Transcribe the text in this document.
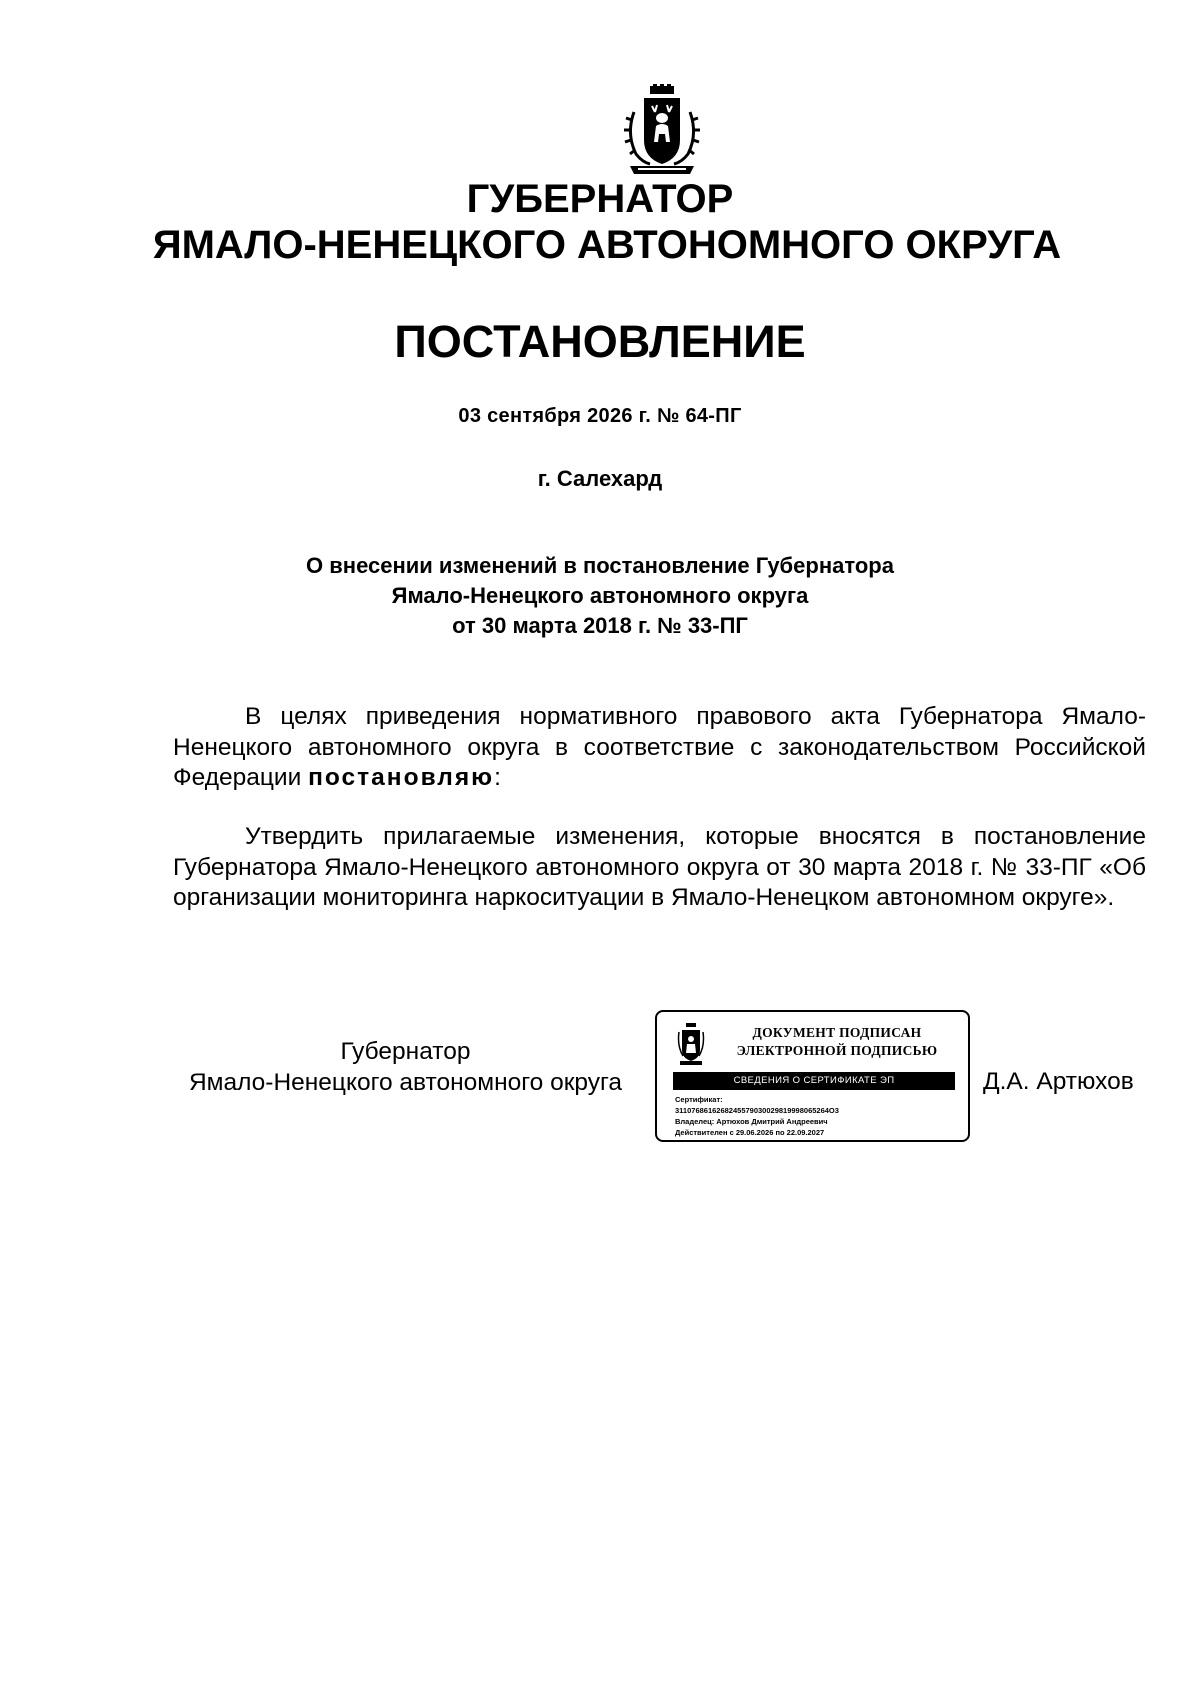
ГУБЕРНАТОР
ЯМАЛО-НЕНЕЦКОГО АВТОНОМНОГО ОКРУГА
ПОСТАНОВЛЕНИЕ
03 сентября 2026 г. № 64-ПГ
г. Салехард
О внесении изменений в постановление Губернатора
Ямало-Ненецкого автономного округа
от 30 марта 2018 г. № 33-ПГ
В целях приведения нормативного правового акта Губернатора Ямало-Ненецкого автономного округа в соответствие с законодательством Российской Федерации постановляю:
Утвердить прилагаемые изменения, которые вносятся в постановление Губернатора Ямало-Ненецкого автономного округа от 30 марта 2018 г. № 33-ПГ «Об организации мониторинга наркоситуации в Ямало-Ненецком автономном округе».
Губернатор
Ямало-Ненецкого автономного округа
ДОКУМЕНТ ПОДПИСАН
ЭЛЕКТРОННОЙ ПОДПИСЬЮ
СВЕДЕНИЯ О СЕРТИФИКАТЕ ЭП
Сертификат:
3110768616268245579030029819998065264О3
Владелец: Артюхов Дмитрий Андреевич
Действителен с 29.06.2026 по 22.09.2027
Д.А. Артюхов
